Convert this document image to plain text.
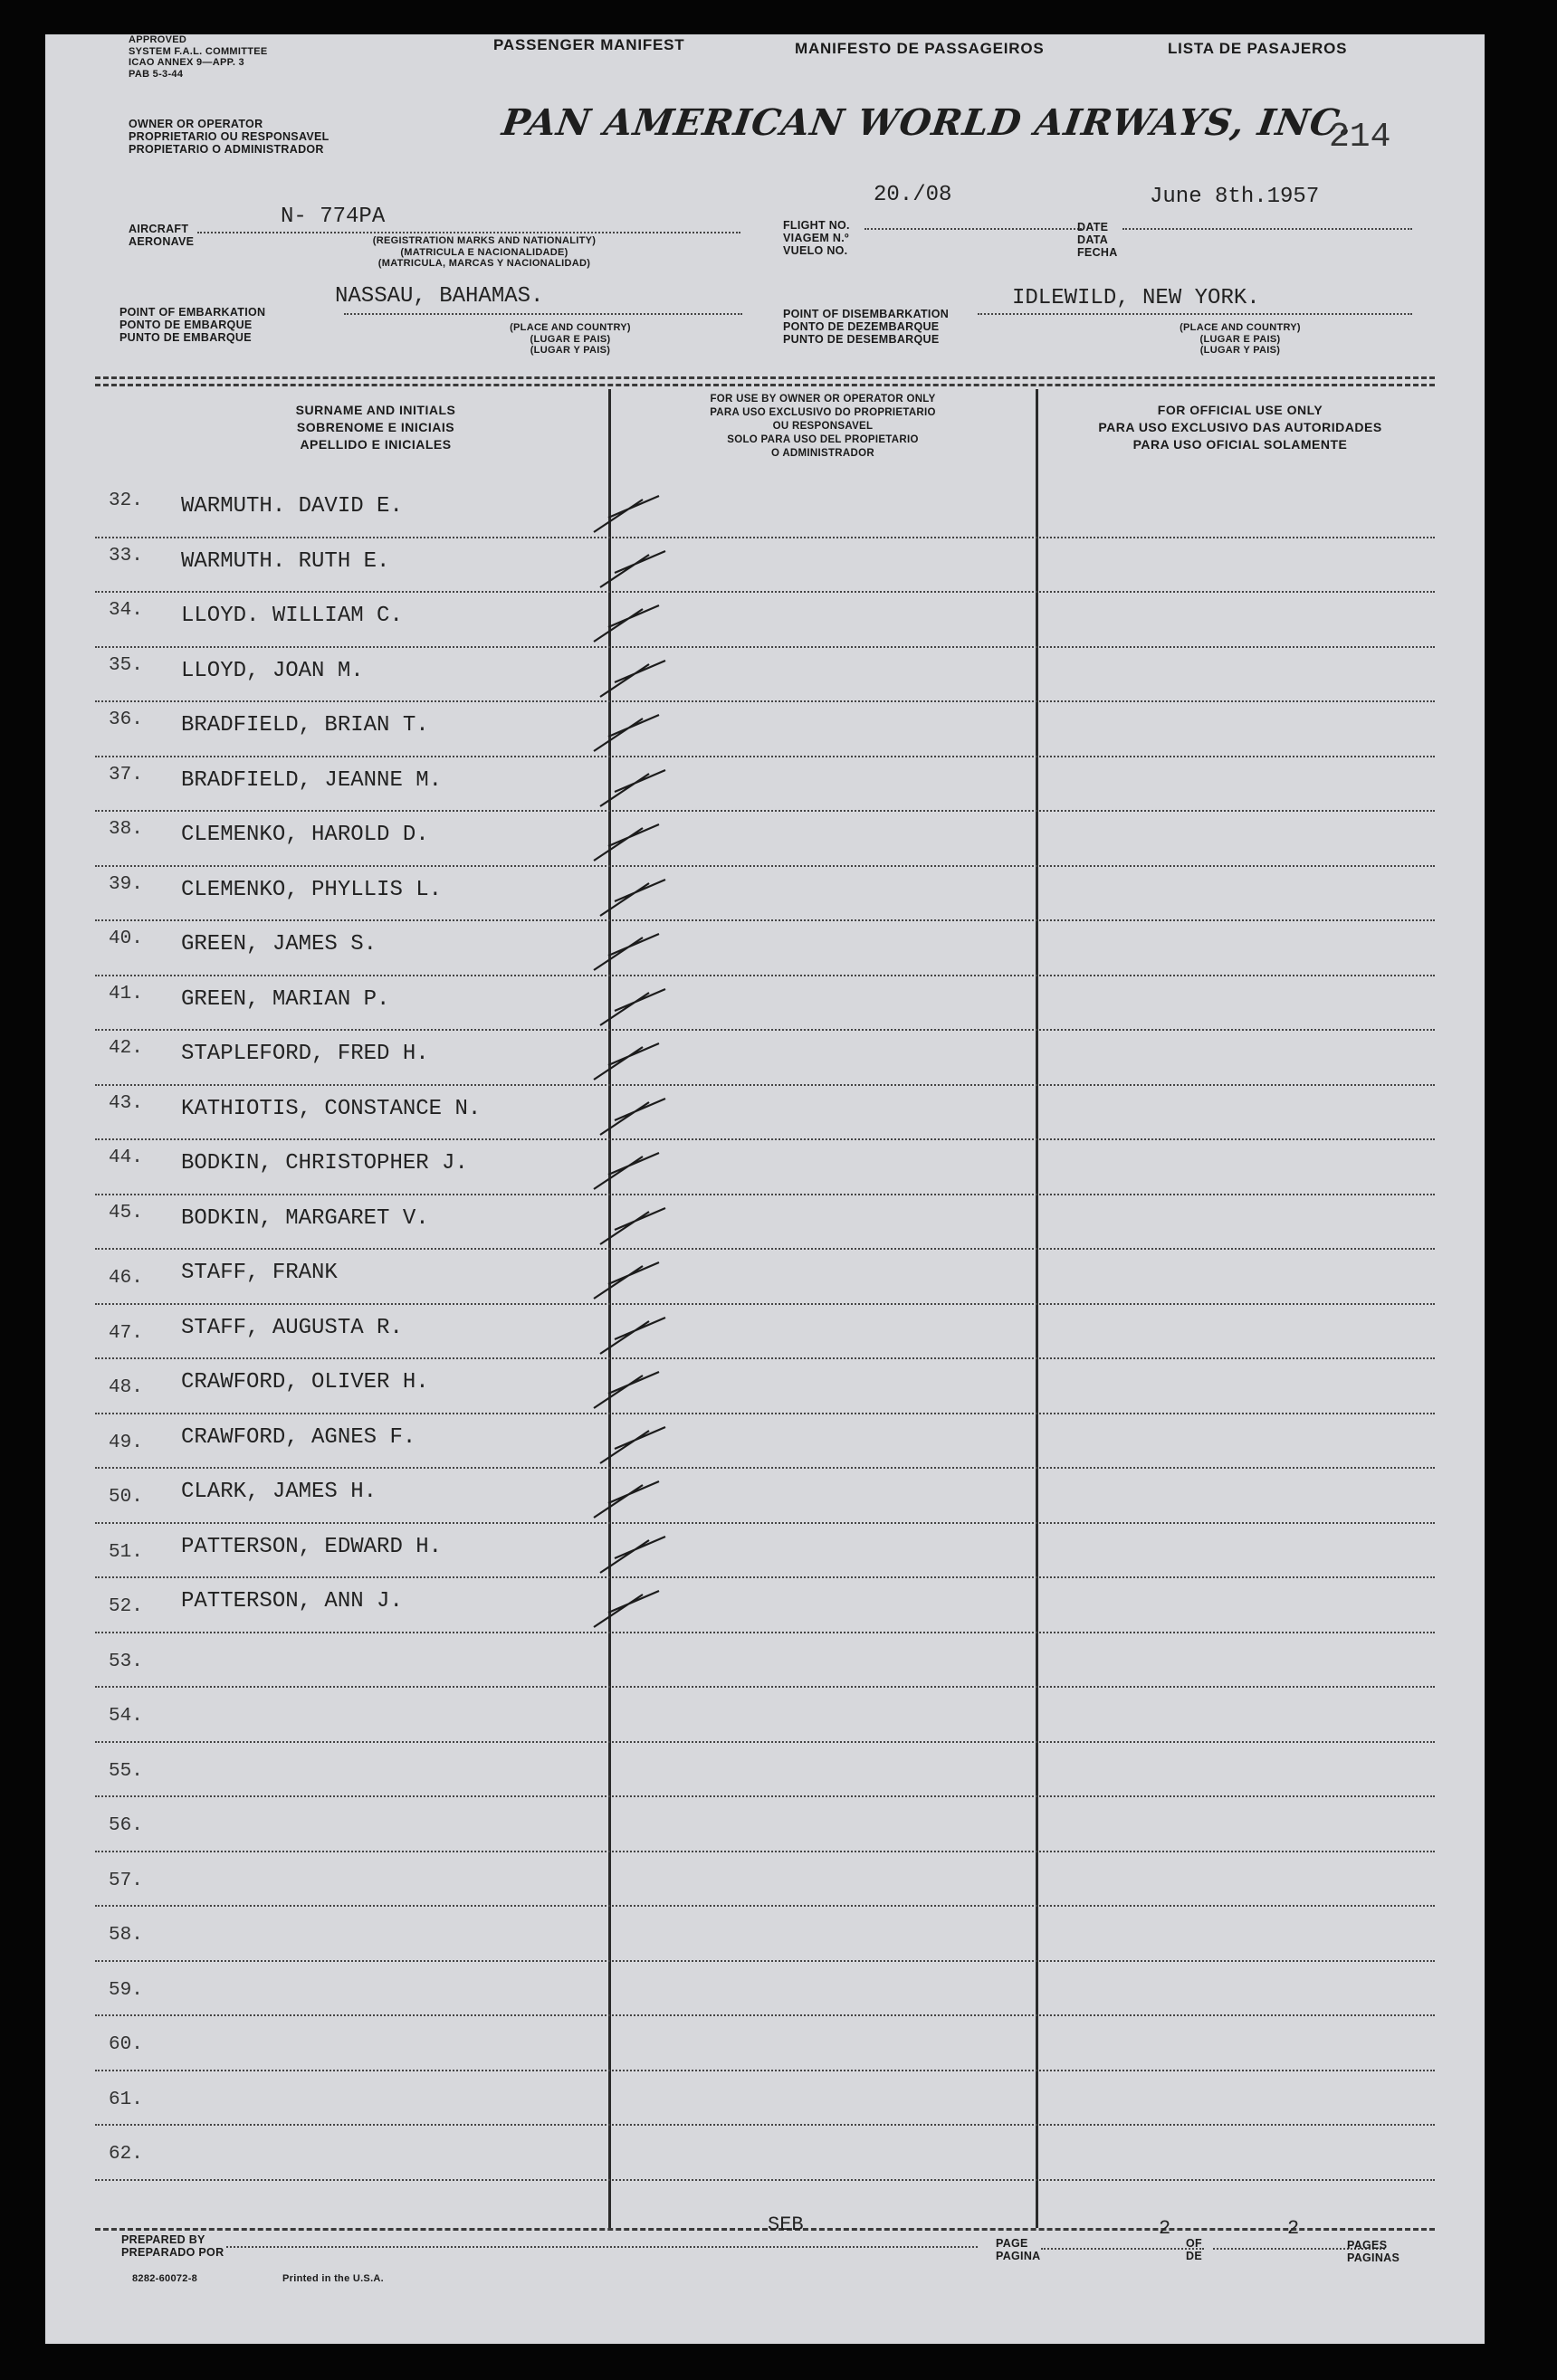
APPROVED
SYSTEM F.A.L. COMMITTEE
ICAO ANNEX 9—APP. 3
PAB 5-3-44
PASSENGER MANIFEST	MANIFESTO DE PASSAGEIROS	LISTA DE PASAJEROS
OWNER OR OPERATOR
PROPRIETARIO OU RESPONSAVEL
PROPIETARIO O ADMINISTRADOR
PAN AMERICAN WORLD AIRWAYS, INC.
214
AIRCRAFT
AERONAVE
N- 774PA
(REGISTRATION MARKS AND NATIONALITY)
(MATRICULA E NACIONALIDADE)
(MATRICULA, MARCAS Y NACIONALIDAD)
FLIGHT NO.
VIAGEM N.º
VUELO NO.
20./08
DATE
DATA
FECHA
June 8th.1957
POINT OF EMBARKATION
PONTO DE EMBARQUE
PUNTO DE EMBARQUE
NASSAU, BAHAMAS.
(PLACE AND COUNTRY)
(LUGAR E PAIS)
(LUGAR Y PAIS)
POINT OF DISEMBARKATION
PONTO DE DEZEMBARQUE
PUNTO DE DESEMBARQUE
IDLEWILD, NEW YORK.
(PLACE AND COUNTRY)
(LUGAR E PAIS)
(LUGAR Y PAIS)
SURNAME AND INITIALS
SOBRENOME E INICIAIS
APELLIDO E INICIALES
FOR USE BY OWNER OR OPERATOR ONLY
PARA USO EXCLUSIVO DO PROPRIETARIO
OU RESPONSAVEL
SOLO PARA USO DEL PROPIETARIO
O ADMINISTRADOR
FOR OFFICIAL USE ONLY
PARA USO EXCLUSIVO DAS AUTORIDADES
PARA USO OFICIAL SOLAMENTE
32.	WARMUTH. DAVID E.
33.	WARMUTH. RUTH E.
34.	LLOYD. WILLIAM C.
35.	LLOYD, JOAN M.
36.	BRADFIELD, BRIAN T.
37.	BRADFIELD, JEANNE M.
38.	CLEMENKO, HAROLD D.
39.	CLEMENKO, PHYLLIS L.
40.	GREEN, JAMES S.
41.	GREEN, MARIAN P.
42.	STAPLEFORD, FRED H.
43.	KATHIOTIS, CONSTANCE N.
44.	BODKIN, CHRISTOPHER J.
45.	BODKIN, MARGARET V.
46.	STAFF, FRANK
47.	STAFF, AUGUSTA R.
48.	CRAWFORD, OLIVER H.
49.	CRAWFORD, AGNES F.
50.	CLARK, JAMES H.
51.	PATTERSON, EDWARD H.
52.	PATTERSON, ANN J.
53.
54.
55.
56.
57.
58.
59.
60.
61.
62.
PREPARED BY
PREPARADO POR
SEB
PAGE
PAGINA
2
OF
DE
2
PAGES
PAGINAS
8282-60072-8	Printed in the U.S.A.
